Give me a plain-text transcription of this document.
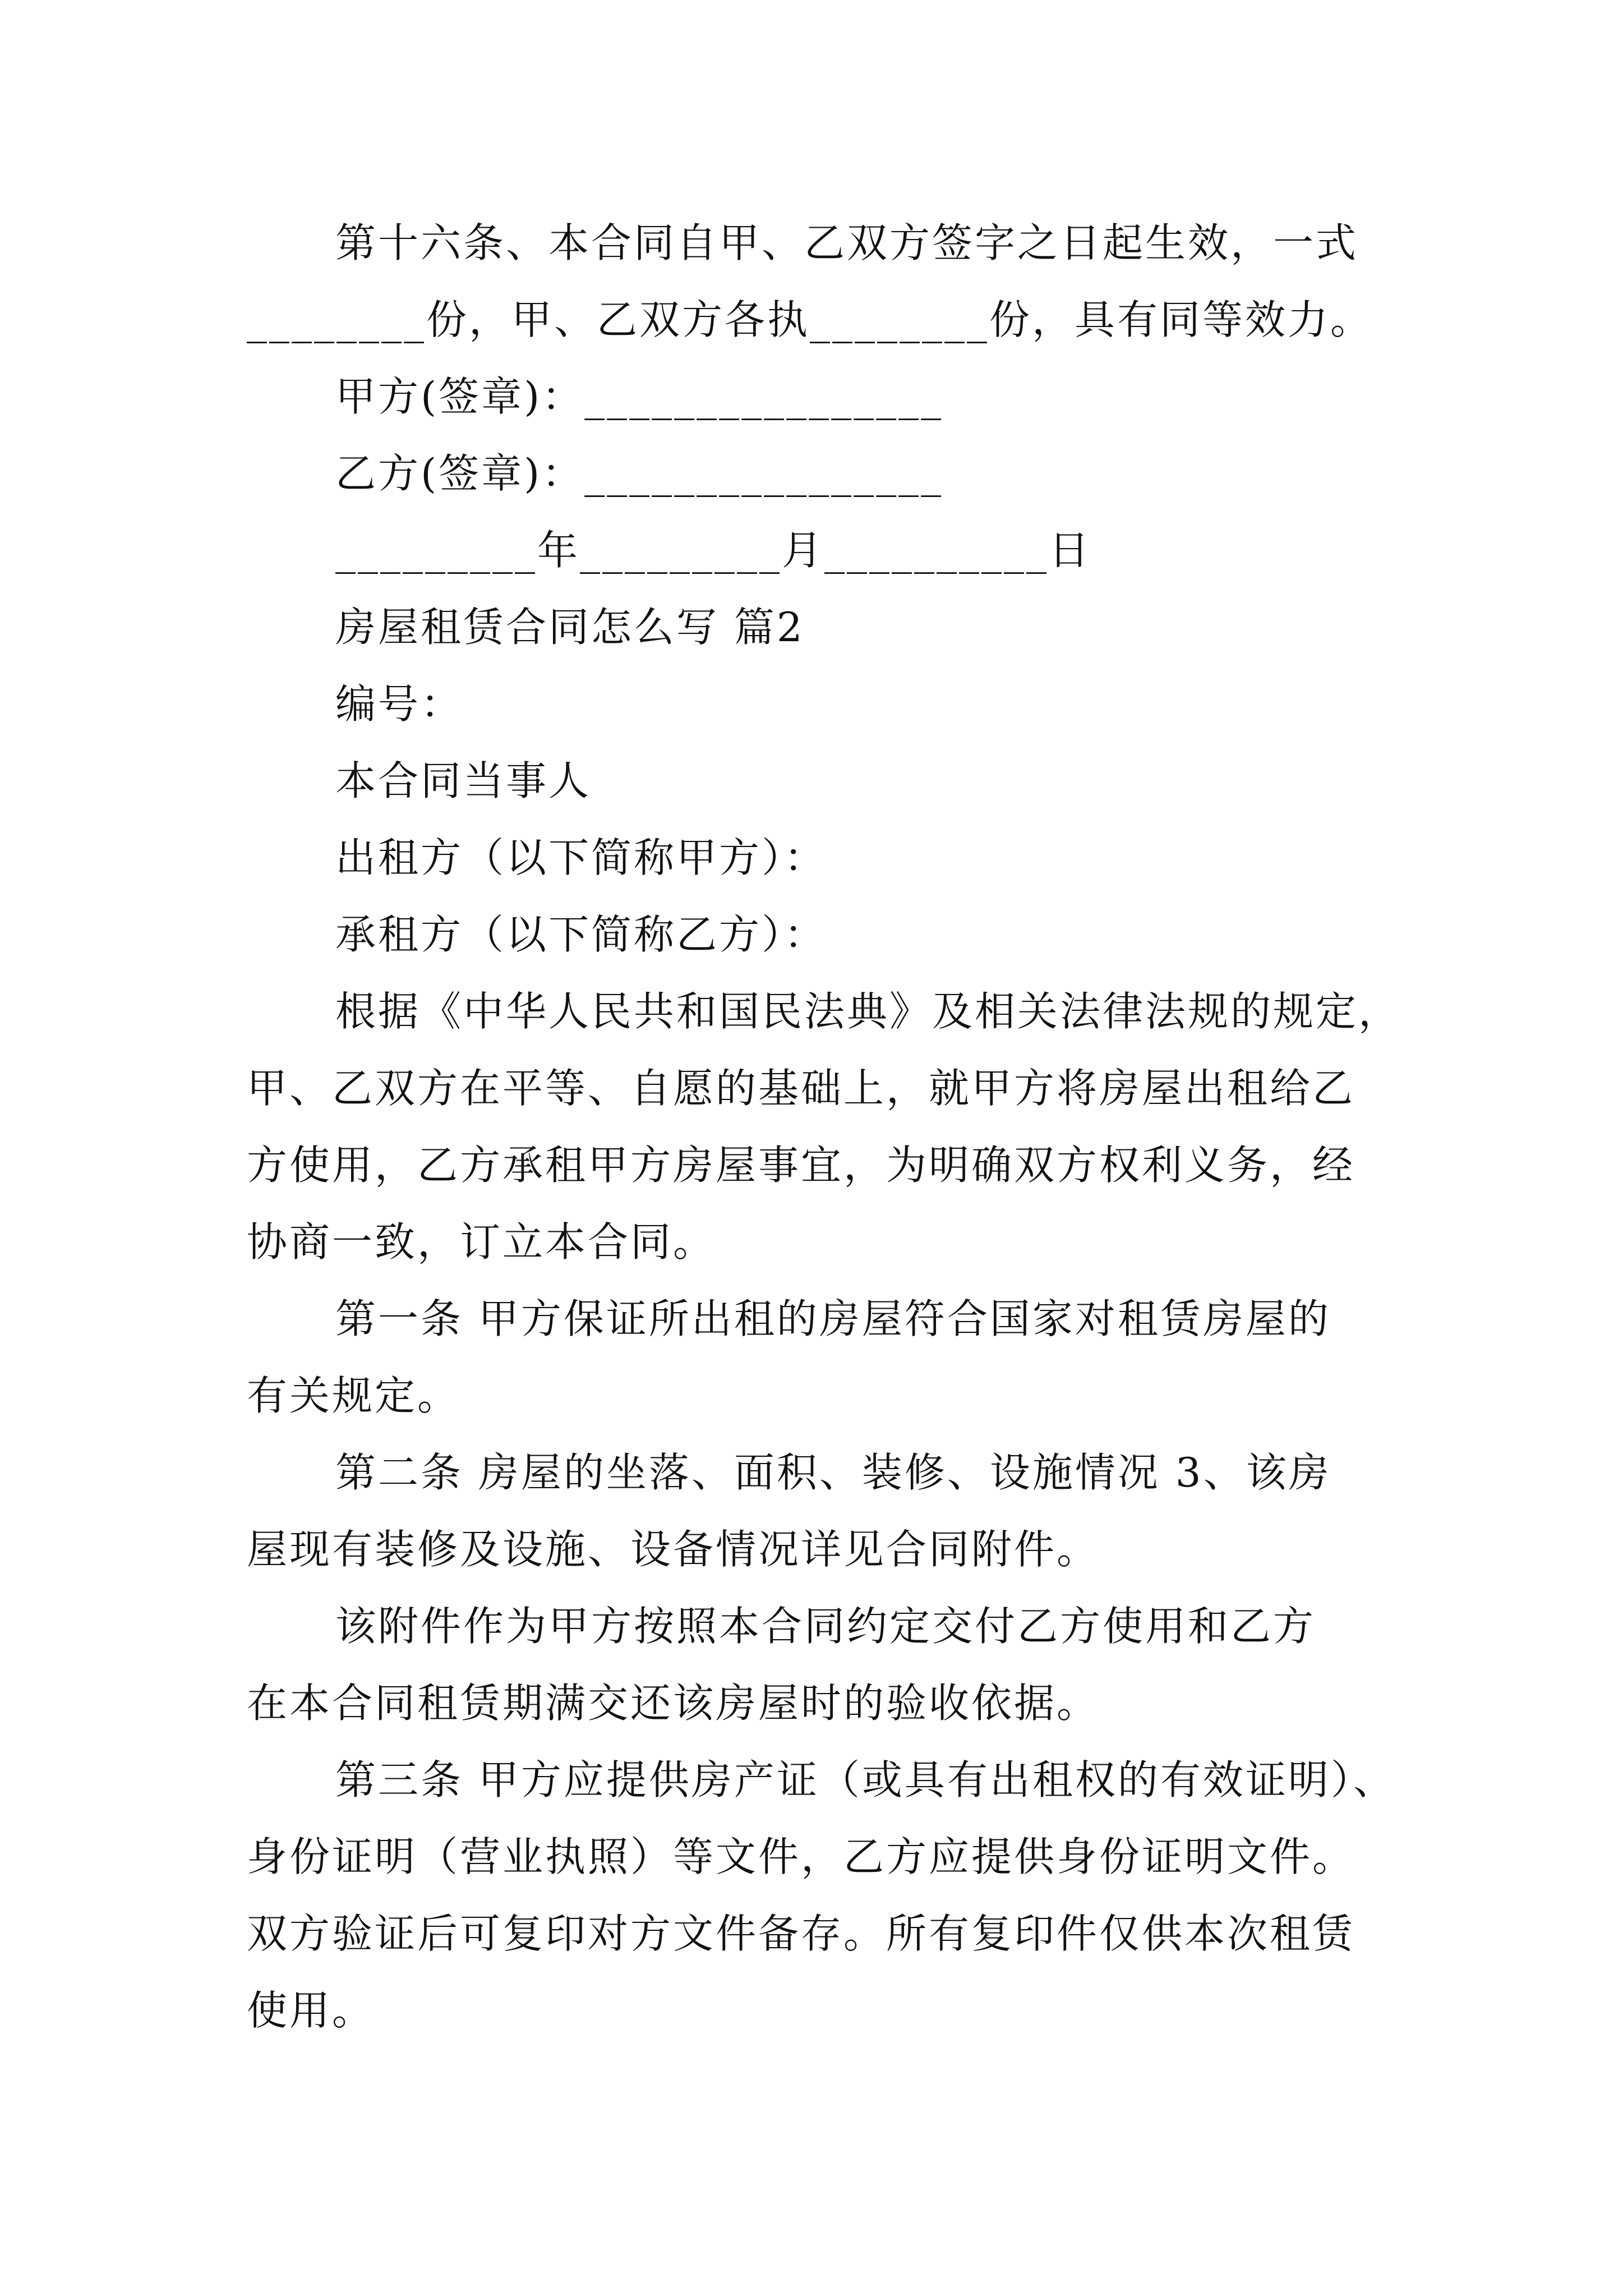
第十六条、本合同自甲、乙双方签字之日起生效，一式
________份，甲、乙双方各执________份，具有同等效力。
甲方(签章)：________________
乙方(签章)：________________
_________年_________月__________日
房屋租赁合同怎么写 篇2
编号：
本合同当事人
出租方（以下简称甲方）：
承租方（以下简称乙方）：
根据《中华人民共和国民法典》及相关法律法规的规定，
甲、乙双方在平等、自愿的基础上，就甲方将房屋出租给乙
方使用，乙方承租甲方房屋事宜，为明确双方权利义务，经
协商一致，订立本合同。
第一条 甲方保证所出租的房屋符合国家对租赁房屋的
有关规定。
第二条 房屋的坐落、面积、装修、设施情况 3、该房
屋现有装修及设施、设备情况详见合同附件。
该附件作为甲方按照本合同约定交付乙方使用和乙方
在本合同租赁期满交还该房屋时的验收依据。
第三条 甲方应提供房产证（或具有出租权的有效证明）、
身份证明（营业执照）等文件，乙方应提供身份证明文件。
双方验证后可复印对方文件备存。所有复印件仅供本次租赁
使用。
